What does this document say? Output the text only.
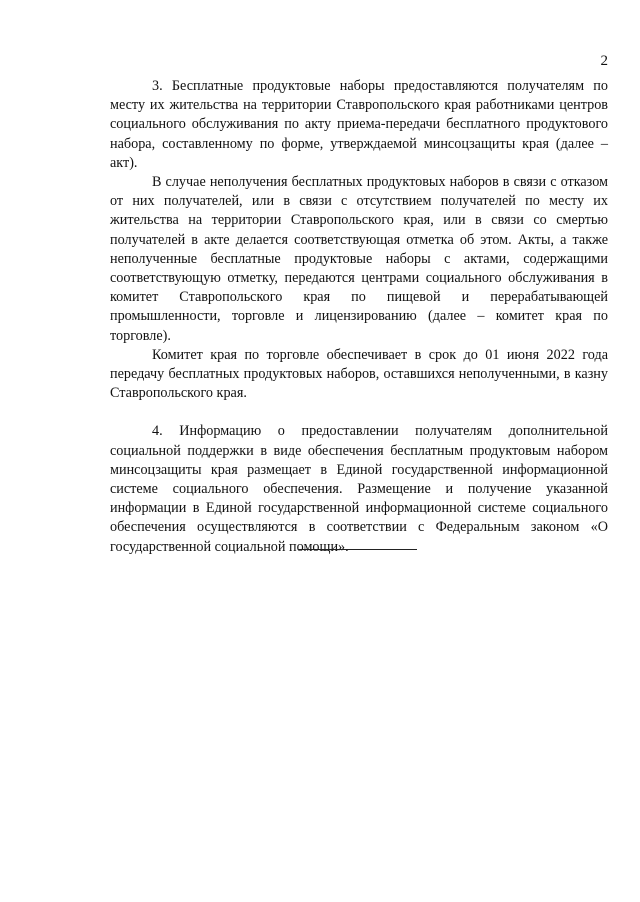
2

3. Бесплатные продуктовые наборы предоставляются получателям по месту их жительства на территории Ставропольского края работниками центров социального обслуживания по акту приема-передачи бесплатного продуктового набора, составленному по форме, утверждаемой минсоцзащиты края (далее – акт).

В случае неполучения бесплатных продуктовых наборов в связи с отказом от них получателей, или в связи с отсутствием получателей по месту их жительства на территории Ставропольского края, или в связи со смертью получателей в акте делается соответствующая отметка об этом. Акты, а также неполученные бесплатные продуктовые наборы с актами, содержащими соответствующую отметку, передаются центрами социального обслуживания в комитет Ставропольского края по пищевой и перерабатывающей промышленности, торговле и лицензированию (далее – комитет края по торговле).

Комитет края по торговле обеспечивает в срок до 01 июня 2022 года передачу бесплатных продуктовых наборов, оставшихся неполученными, в казну Ставропольского края.

4. Информацию о предоставлении получателям дополнительной социальной поддержки в виде обеспечения бесплатным продуктовым набором минсоцзащиты края размещает в Единой государственной информационной системе социального обеспечения. Размещение и получение указанной информации в Единой государственной информационной системе социального обеспечения осуществляются в соответствии с Федеральным законом «О государственной социальной помощи».
